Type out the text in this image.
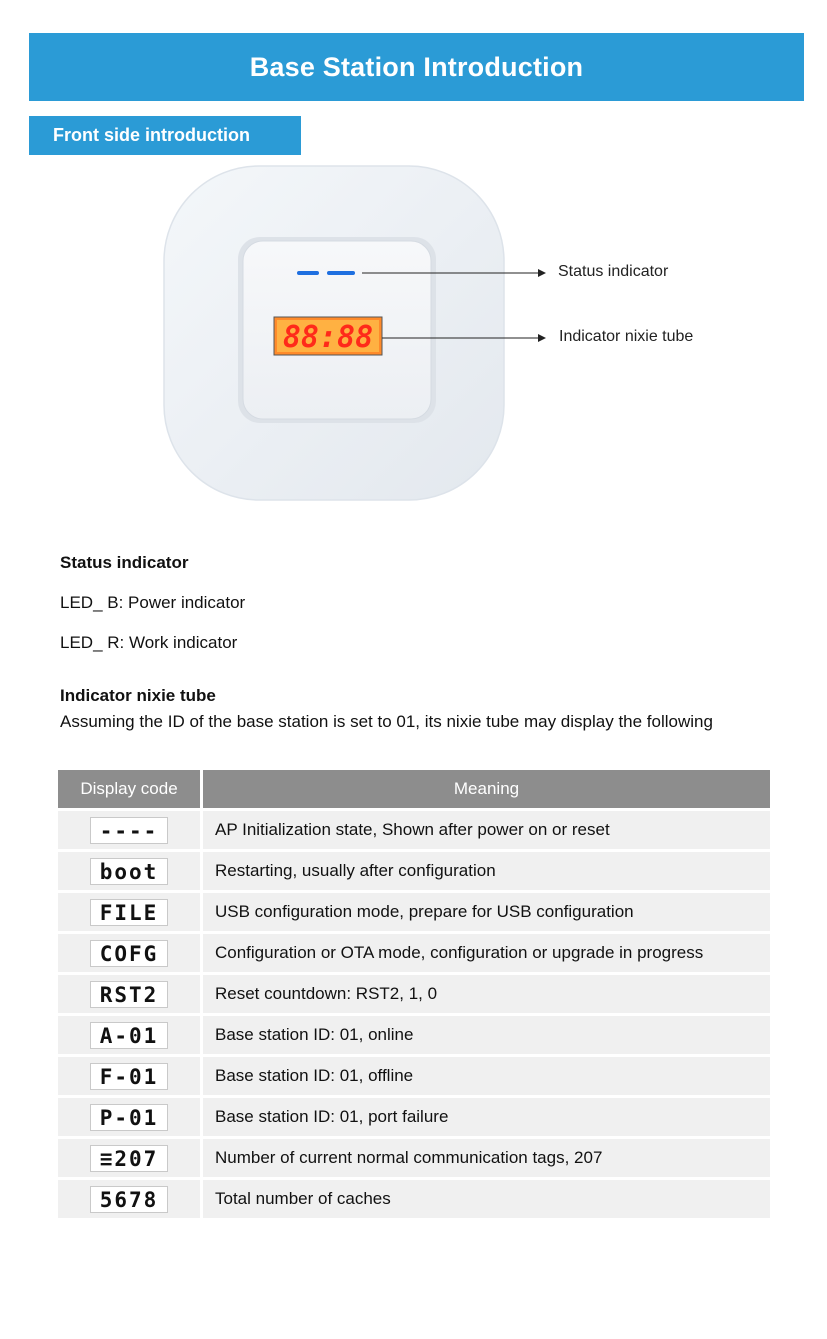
Base Station Introduction
Front side introduction
88:88
Status indicator
Indicator nixie tube
Status indicator
LED_ B: Power indicator
LED_ R: Work indicator
Indicator nixie tube
Assuming the ID of the base station is set to 01, its nixie tube may display the following
Display code	Meaning
----	AP Initialization state, Shown after power on or reset
boot	Restarting, usually after configuration
FILE	USB configuration mode, prepare for USB configuration
COFG	Configuration or OTA mode, configuration or upgrade in progress
RST2	Reset countdown: RST2, 1, 0
A-01	Base station ID: 01, online
F-01	Base station ID: 01, offline
P-01	Base station ID: 01, port failure
≡207	Number of current normal communication tags, 207
5678	Total number of caches
